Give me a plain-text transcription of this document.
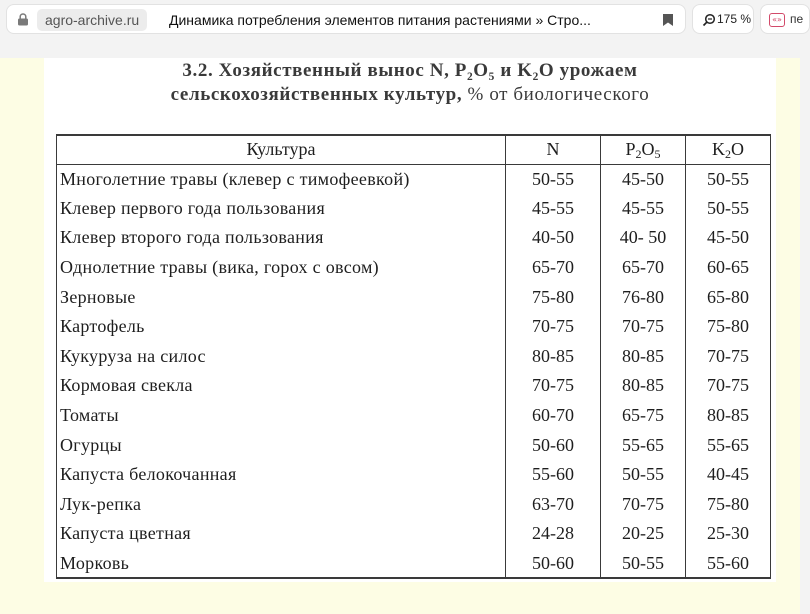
agro-archive.ru	Динамика потребления элементов питания растениями » Стро...	175 %	«» пе
3.2. Хозяйственный вынос N, P₂O₅ и K₂O урожаем
сельскохозяйственных культур, % от биологического
Культура	N	$P_2O_5$	$K_2O$
Многолетние травы (клевер с тимофеевкой)	50-55	45-50	50-55
Клевер первого года пользования	45-55	45-55	50-55
Клевер второго года пользования	40-50	40- 50	45-50
Однолетние травы (вика, горох с овсом)	65-70	65-70	60-65
Зерновые	75-80	76-80	65-80
Картофель	70-75	70-75	75-80
Кукуруза на силос	80-85	80-85	70-75
Кормовая свекла	70-75	80-85	70-75
Томаты	60-70	65-75	80-85
Огурцы	50-60	55-65	55-65
Капуста белокочанная	55-60	50-55	40-45
Лук-репка	63-70	70-75	75-80
Капуста цветная	24-28	20-25	25-30
Морковь	50-60	50-55	55-60
